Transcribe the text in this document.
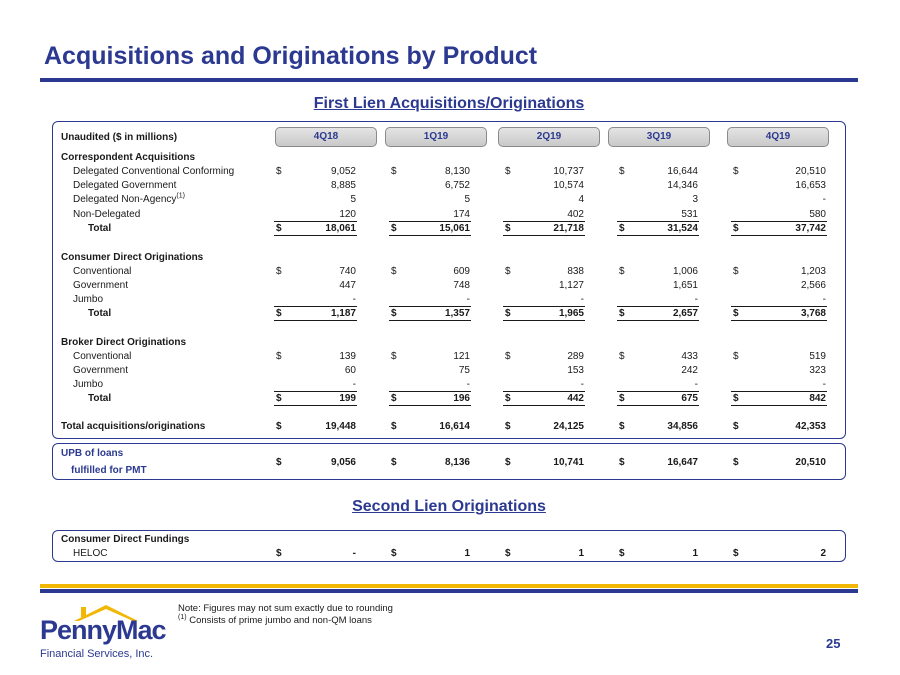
Acquisitions and Originations by Product
First Lien Acquisitions/Originations
Second Lien Originations
4Q18	1Q19	2Q19	3Q19	4Q19
Unaudited ($ in millions)
Correspondent Acquisitions
Delegated Conventional Conforming	$	9,052	$	8,130	$	10,737	$	16,644	$	20,510
Delegated Government	8,885	6,752	10,574	14,346	16,653
Delegated Non-Agency$^{(1)}$	5	5	4	3	-
Non-Delegated	120	174	402	531	580
Total	$	18,061	$	15,061	$	21,718	$	31,524	$	37,742
Consumer Direct Originations
Conventional	$	740	$	609	$	838	$	1,006	$	1,203
Government	447	748	1,127	1,651	2,566
Jumbo	-	-	-	-	-
Total	$	1,187	$	1,357	$	1,965	$	2,657	$	3,768
Broker Direct Originations
Conventional	$	139	$	121	$	289	$	433	$	519
Government	60	75	153	242	323
Jumbo	-	-	-	-	-
Total	$	199	$	196	$	442	$	675	$	842
Total acquisitions/originations	$	19,448	$	16,614	$	24,125	$	34,856	$	42,353
UPB of loans
fulfilled for PMT
$	9,056	$	8,136	$	10,741	$	16,647	$	20,510
Consumer Direct Fundings
HELOC	$	-	$	1	$	1	$	1	$	2
Note: Figures may not sum exactly due to rounding
$^{(1)}$ Consists of prime jumbo and non-QM loans
PennyMac
Financial Services, Inc.
25
